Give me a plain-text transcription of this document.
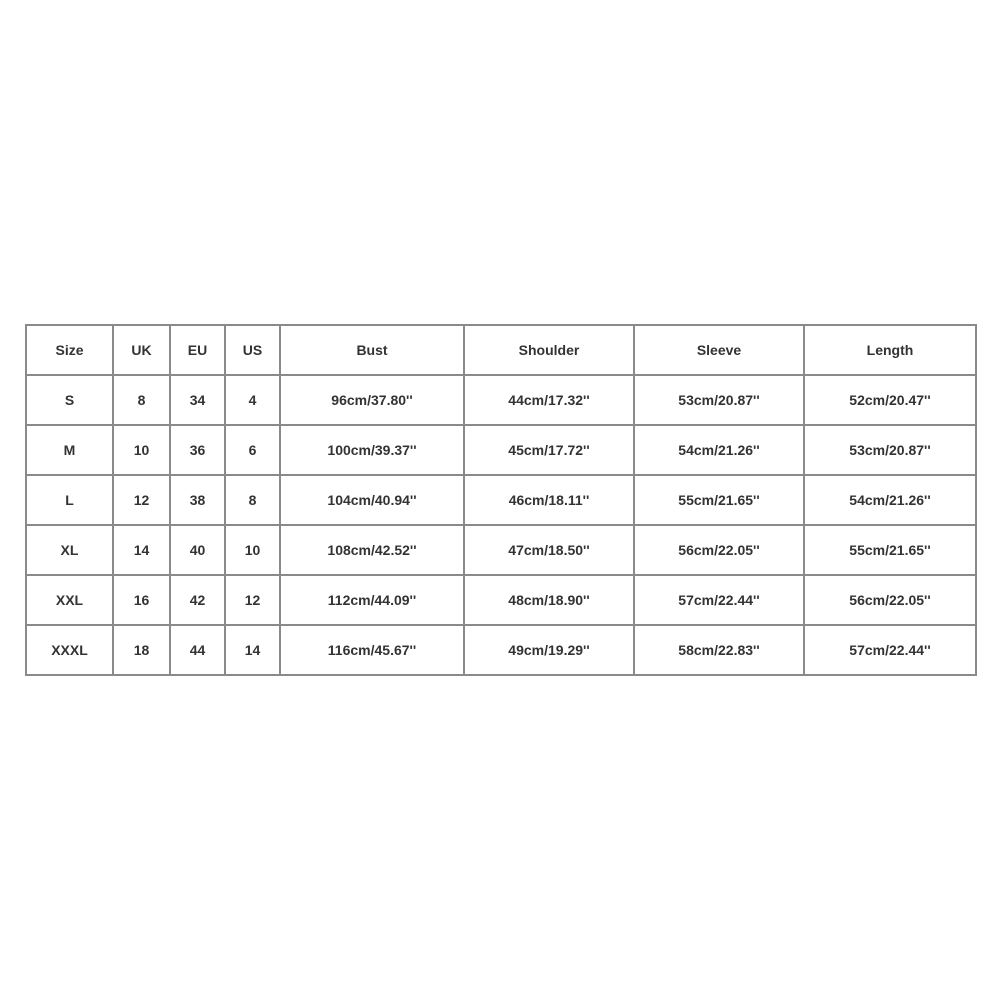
Size	UK	EU	US	Bust	Shoulder	Sleeve	Length
S	8	34	4	96cm/37.80''	44cm/17.32''	53cm/20.87''	52cm/20.47''
M	10	36	6	100cm/39.37''	45cm/17.72''	54cm/21.26''	53cm/20.87''
L	12	38	8	104cm/40.94''	46cm/18.11''	55cm/21.65''	54cm/21.26''
XL	14	40	10	108cm/42.52''	47cm/18.50''	56cm/22.05''	55cm/21.65''
XXL	16	42	12	112cm/44.09''	48cm/18.90''	57cm/22.44''	56cm/22.05''
XXXL	18	44	14	116cm/45.67''	49cm/19.29''	58cm/22.83''	57cm/22.44''
